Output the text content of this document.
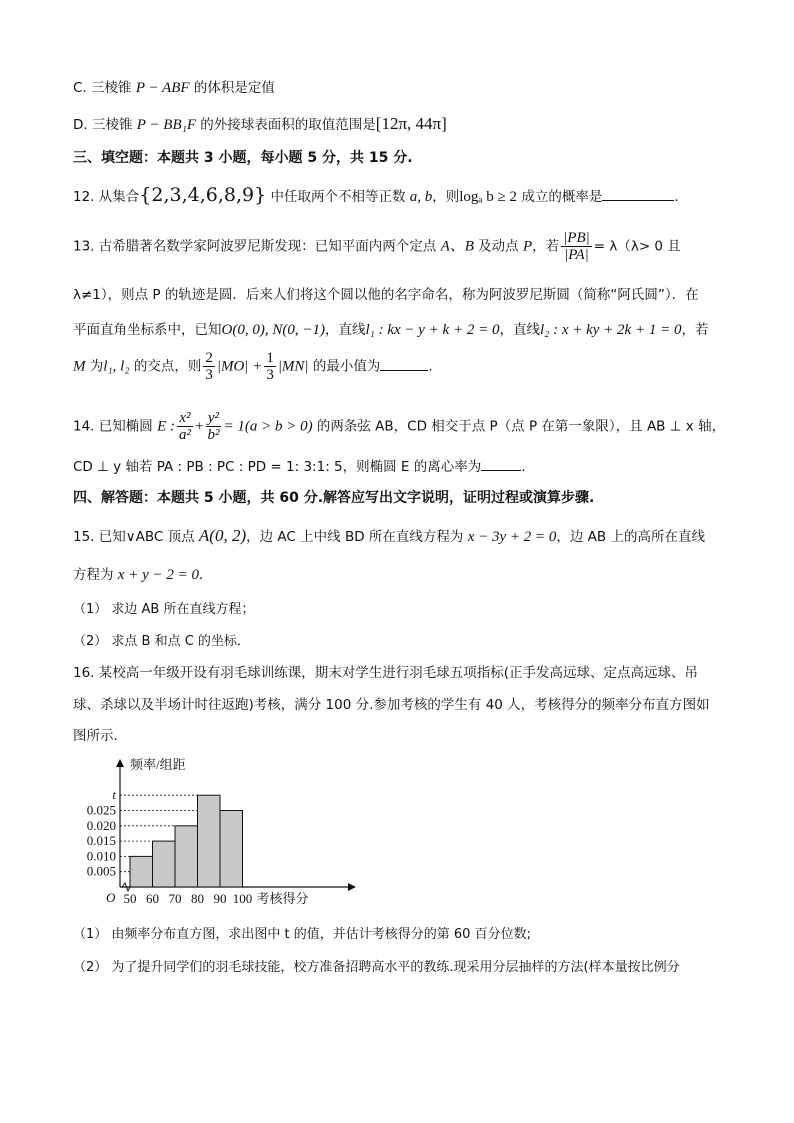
C. 三棱锥 P − ABF 的体积是定值
D. 三棱锥 P − BB₁F 的外接球表面积的取值范围是[12π, 44π]
三、填空题：本题共 3 小题，每小题 5 分，共 15 分.
12. 从集合{2,3,4,6,8,9} 中任取两个不相等正数 a, b，则logₐ b ≥ 2 成立的概率是	.
13. 古希腊著名数学家阿波罗尼斯发现：已知平面内两个定点 A、B 及动点 P，若 $\frac{|PB|}{|PA|} = \lambda(\lambda> 0$ 且
λ≠1），则点 P 的轨迹是圆．后来人们将这个圆以他的名字命名，称为阿波罗尼斯圆（简称“阿氏圆”）．在
平面直角坐标系中，已知O(0, 0), N(0, −1)，直线l₁ : kx − y + k + 2 = 0，直线l₂ : x + ky + 2k + 1 = 0，若
M 为l₁, l₂ 的交点，则 $\frac{2}{3} |MO| + \frac{1}{3} |MN|$ 的最小值为	.
14. 已知椭圆 E : $\frac{\text{x²}}{\text{a²}} + \frac{\text{y²}}{\text{b²}} = 1(a > b > 0)$ 的两条弦 AB，CD 相交于点 P（点 P 在第一象限），且 AB ⊥ x 轴，
CD ⊥ y 轴若 PA : PB : PC : PD = 1: 3:1: 5，则椭圆 E 的离心率为	.
四、解答题：本题共 5 小题，共 60 分.解答应写出文字说明，证明过程或演算步骤.
15. 已知∨ABC 顶点 A(0, 2)，边 AC 上中线 BD 所在直线方程为 x − 3y + 2 = 0，边 AB 上的高所在直线
方程为 x + y − 2 = 0．
（1） 求边 AB 所在直线方程；
（2） 求点 B 和点 C 的坐标．
16. 某校高一年级开设有羽毛球训练课，期末对学生进行羽毛球五项指标(正手发高远球、定点高远球、吊
球、杀球以及半场计时往返跑)考核，满分 100 分.参加考核的学生有 40 人，考核得分的频率分布直方图如
图所示.
频率/组距
O	考核得分
0.005
0.010
0.015
0.020
0.025
t
50 60 70 80 90 100
（1） 由频率分布直方图，求出图中 t 的值，并估计考核得分的第 60 百分位数;
（2） 为了提升同学们的羽毛球技能，校方准备招聘高水平的教练.现采用分层抽样的方法(样本量按比例分
